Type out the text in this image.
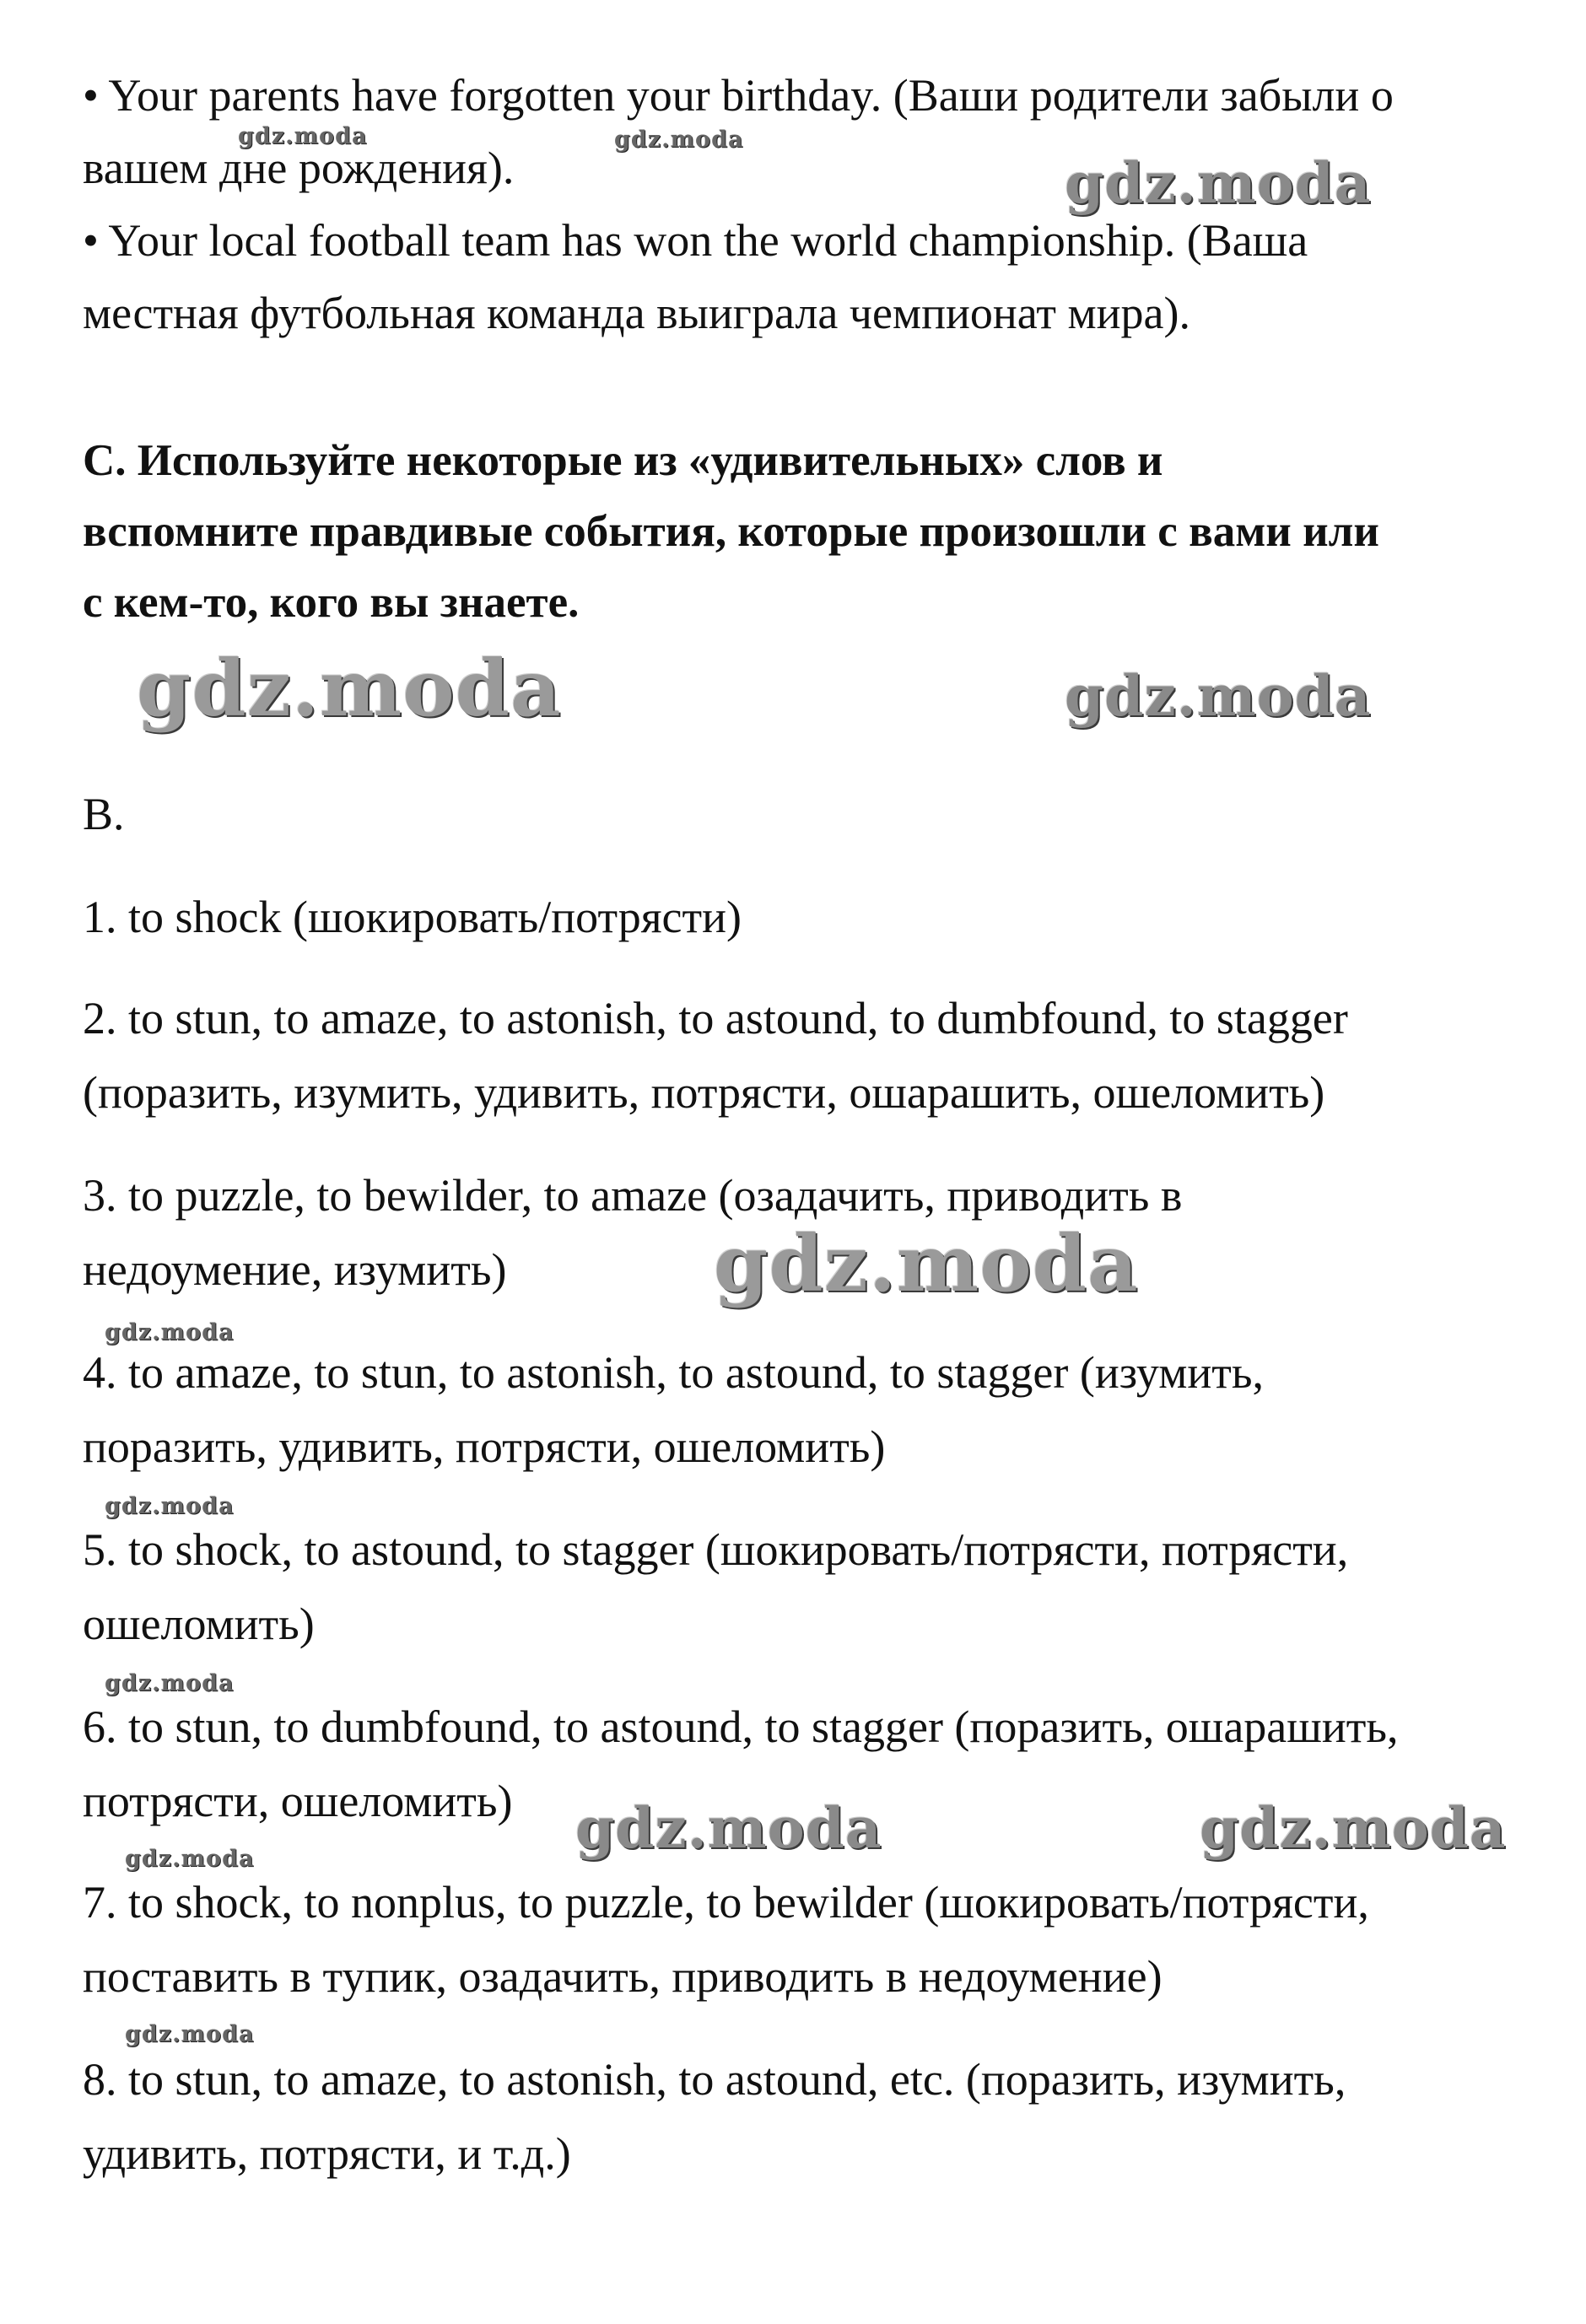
• Your parents have forgotten your birthday. (Ваши родители забыли о
вашем дне рождения).
• Your local football team has won the world championship. (Ваша
местная футбольная команда выиграла чемпионат мира).
C. Используйте некоторые из «удивительных» слов и
вспомните правдивые события, которые произошли с вами или
с кем-то, кого вы знаете.
B.
1. to shock (шокировать/потрясти)
2. to stun, to amaze, to astonish, to astound, to dumbfound, to stagger
(поразить, изумить, удивить, потрясти, ошарашить, ошеломить)
3. to puzzle, to bewilder, to amaze (озадачить, приводить в
недоумение, изумить)
4. to amaze, to stun, to astonish, to astound, to stagger (изумить,
поразить, удивить, потрясти, ошеломить)
5. to shock, to astound, to stagger (шокировать/потрясти, потрясти,
ошеломить)
6. to stun, to dumbfound, to astound, to stagger (поразить, ошарашить,
потрясти, ошеломить)
7. to shock, to nonplus, to puzzle, to bewilder (шокировать/потрясти,
поставить в тупик, озадачить, приводить в недоумение)
8. to stun, to amaze, to astonish, to astound, etc. (поразить, изумить,
удивить, потрясти, и т.д.)
gdz.moda	gdz.moda
gdz.moda
gdz.moda	gdz.moda
gdz.moda
gdz.moda
gdz.moda
gdz.moda
gdz.moda	gdz.moda
gdz.moda
gdz.moda
